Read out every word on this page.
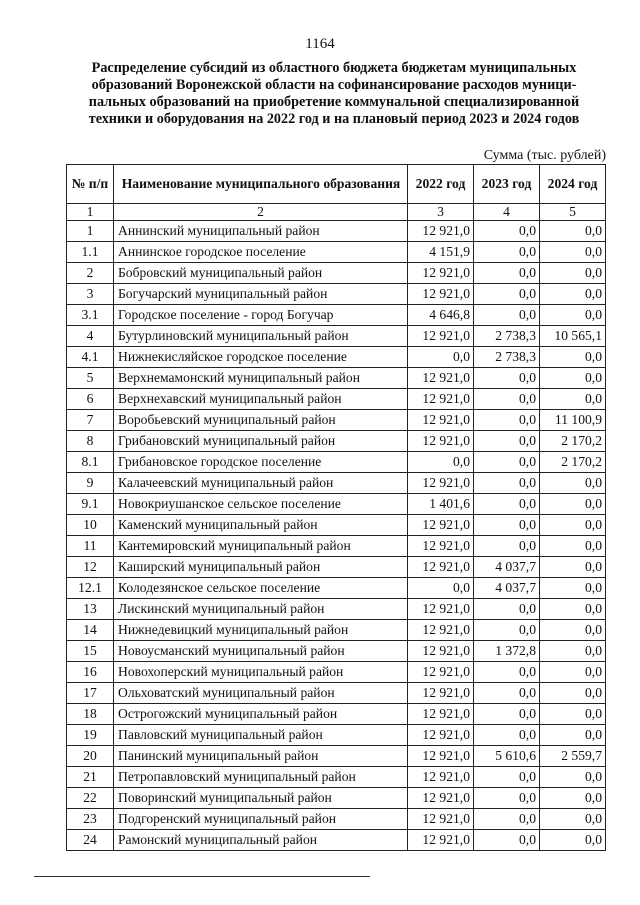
1164
Распределение субсидий из областного бюджета бюджетам муниципальных образований Воронежской области на софинансирование расходов муници-пальных образований на приобретение коммунальной специализированной техники и оборудования на 2022 год и на плановый период 2023 и 2024 годов
Сумма (тыс. рублей)
№ п/п	Наименование муниципального образования	2022 год	2023 год	2024 год
1	2	3	4	5
1	Аннинский муниципальный район	12 921,0	0,0	0,0
1.1	Аннинское городское поселение	4 151,9	0,0	0,0
2	Бобровский муниципальный район	12 921,0	0,0	0,0
3	Богучарский муниципальный район	12 921,0	0,0	0,0
3.1	Городское поселение - город Богучар	4 646,8	0,0	0,0
4	Бутурлиновский муниципальный район	12 921,0	2 738,3	10 565,1
4.1	Нижнекисляйское городское поселение	0,0	2 738,3	0,0
5	Верхнемамонский муниципальный район	12 921,0	0,0	0,0
6	Верхнехавский муниципальный район	12 921,0	0,0	0,0
7	Воробьевский муниципальный район	12 921,0	0,0	11 100,9
8	Грибановский муниципальный район	12 921,0	0,0	2 170,2
8.1	Грибановское городское поселение	0,0	0,0	2 170,2
9	Калачеевский муниципальный район	12 921,0	0,0	0,0
9.1	Новокриушанское сельское поселение	1 401,6	0,0	0,0
10	Каменский муниципальный район	12 921,0	0,0	0,0
11	Кантемировский муниципальный район	12 921,0	0,0	0,0
12	Каширский муниципальный район	12 921,0	4 037,7	0,0
12.1	Колодезянское сельское поселение	0,0	4 037,7	0,0
13	Лискинский муниципальный район	12 921,0	0,0	0,0
14	Нижнедевицкий муниципальный район	12 921,0	0,0	0,0
15	Новоусманский муниципальный район	12 921,0	1 372,8	0,0
16	Новохоперский муниципальный район	12 921,0	0,0	0,0
17	Ольховатский муниципальный район	12 921,0	0,0	0,0
18	Острогожский муниципальный район	12 921,0	0,0	0,0
19	Павловский муниципальный район	12 921,0	0,0	0,0
20	Панинский муниципальный район	12 921,0	5 610,6	2 559,7
21	Петропавловский муниципальный район	12 921,0	0,0	0,0
22	Поворинский муниципальный район	12 921,0	0,0	0,0
23	Подгоренский муниципальный район	12 921,0	0,0	0,0
24	Рамонский муниципальный район	12 921,0	0,0	0,0
